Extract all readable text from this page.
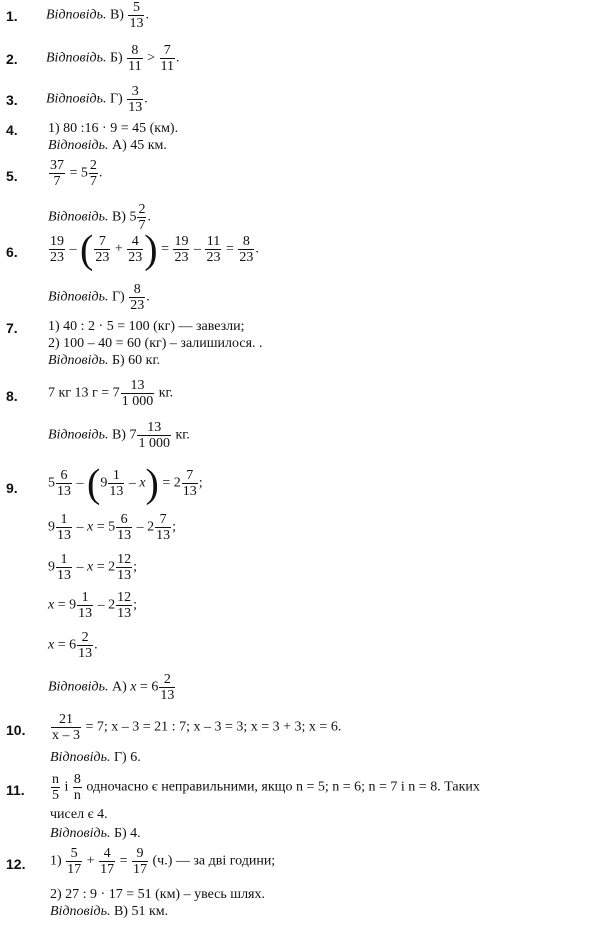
1. Відповідь. $В) \frac{5}{13}$ .
2. Відповідь. $Б) \frac{8}{11} > \frac{7}{11}$ .
3. Відповідь. $Г) \frac{3}{13}$ .
4. 1) 80 :16 · 9 = 45 (км).
Відповідь. А) 45 км.
5. $\frac{37}{7} = 5 \frac{2}{7}$ .
Відповідь. В) $5 \frac{2}{7}$ .
6. $\frac{19}{23}$ – ( $\frac{7}{23} + \frac{4}{23}$ ) = $\frac{19}{23} - \frac{11}{23} = \frac{8}{23}$ .
Відповідь. $Г) \frac{8}{23}$ .
7. 1) 40 : 2 · 5 = 100 (кг) — завезли;
2) 100 – 40 = 60 (кг) – залишилося. .
Відповідь. Б) 60 кг.
8. 7 кг 13 $г = 7 \frac{13}{1 000}$ кг.
Відповідь. В) $7 \frac{13}{1 000}$ кг.
9. $5 \frac{6}{13} - (9 \frac{1}{13} - x) = 2 \frac{7}{13}$ ;
$9 \frac{1}{13} - x = 5 \frac{6}{13} - 2 \frac{7}{13}$ ;
$9 \frac{1}{13} - x = 2 \frac{12}{13}$ ;
$x = 9 \frac{1}{13} - 2 \frac{12}{13}$ ;
$x = 6 \frac{2}{13}$ .
Відповідь. А) $x = 6 \frac{2}{13}$
10. $\frac{21}{x - 3} = 7$; x – 3 = 21 : 7; x – 3 = 3; x = 3 + 3; x = 6.
Відповідь. Г) 6.
11. $\frac{n}{5}$ і $\frac{8}{n}$ одночасно є неправильними, якщо n = 5; n = 6; n = 7 і n = 8. Таких
чисел є 4.
Відповідь. Б) 4.
12. $1) \frac{5}{17} + \frac{4}{17} = \frac{9}{17} (ч.)$ — за дві години;
2) 27 : 9 · 17 = 51 (км) – увесь шлях.
Відповідь. В) 51 км.
